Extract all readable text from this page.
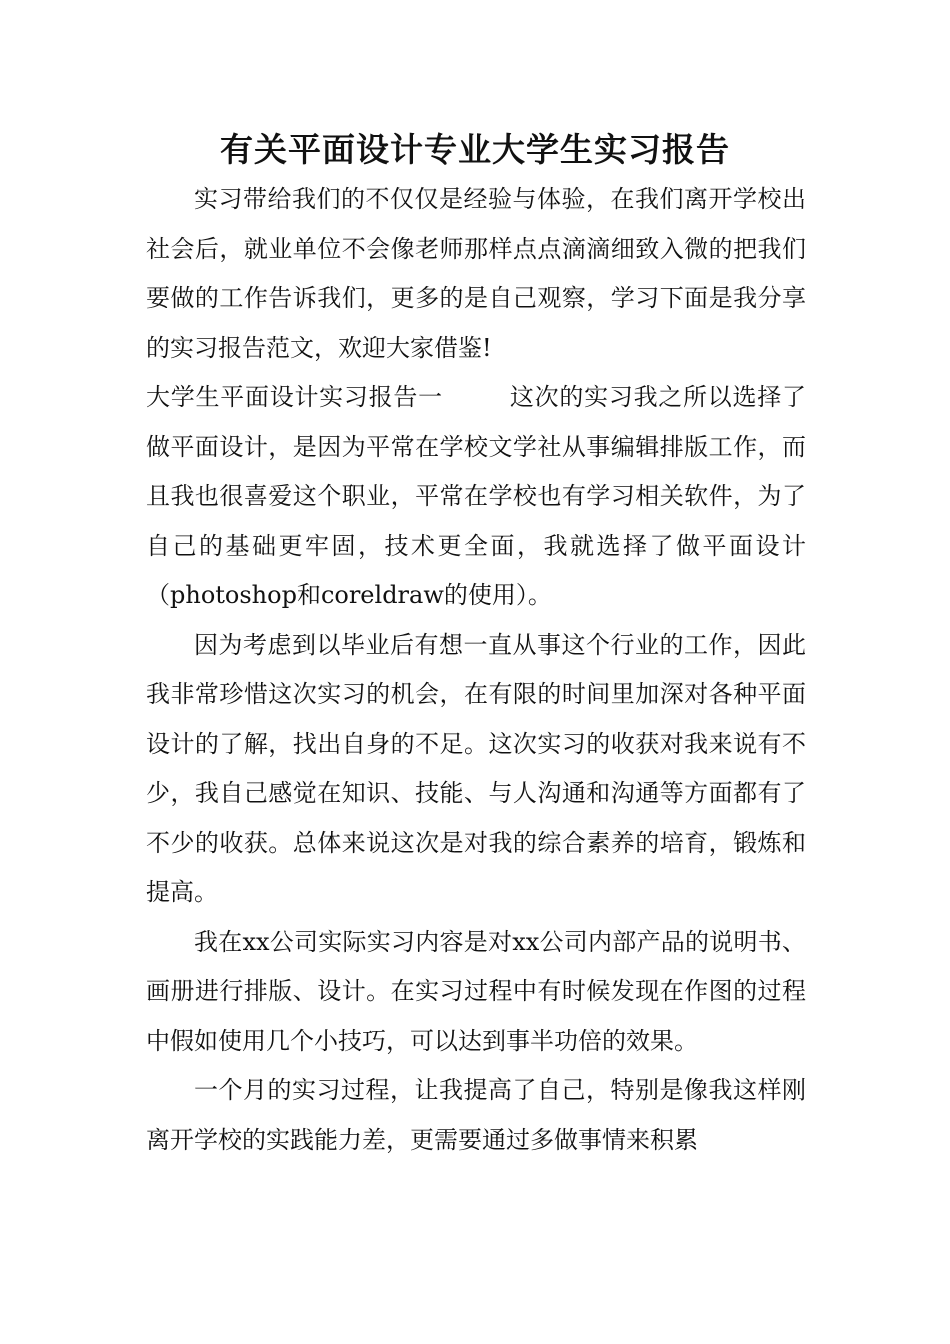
有关平面设计专业大学生实习报告

实习带给我们的不仅仅是经验与体验，在我们离开学校出社会后，就业单位不会像老师那样点点滴滴细致入微的把我们要做的工作告诉我们，更多的是自己观察，学习下面是我分享的实习报告范文，欢迎大家借鉴!

大学生平面设计实习报告一	这次的实习我之所以选择了做平面设计，是因为平常在学校文学社从事编辑排版工作，而且我也很喜爱这个职业，平常在学校也有学习相关软件，为了自己的基础更牢固，技术更全面，我就选择了做平面设计（photoshop和coreldraw的使用）。

因为考虑到以毕业后有想一直从事这个行业的工作，因此我非常珍惜这次实习的机会，在有限的时间里加深对各种平面设计的了解，找出自身的不足。这次实习的收获对我来说有不少，我自己感觉在知识、技能、与人沟通和沟通等方面都有了不少的收获。总体来说这次是对我的综合素养的培育，锻炼和提高。

我在xx公司实际实习内容是对xx公司内部产品的说明书、画册进行排版、设计。在实习过程中有时候发现在作图的过程中假如使用几个小技巧，可以达到事半功倍的效果。

一个月的实习过程，让我提高了自己，特别是像我这样刚离开学校的实践能力差，更需要通过多做事情来积累
